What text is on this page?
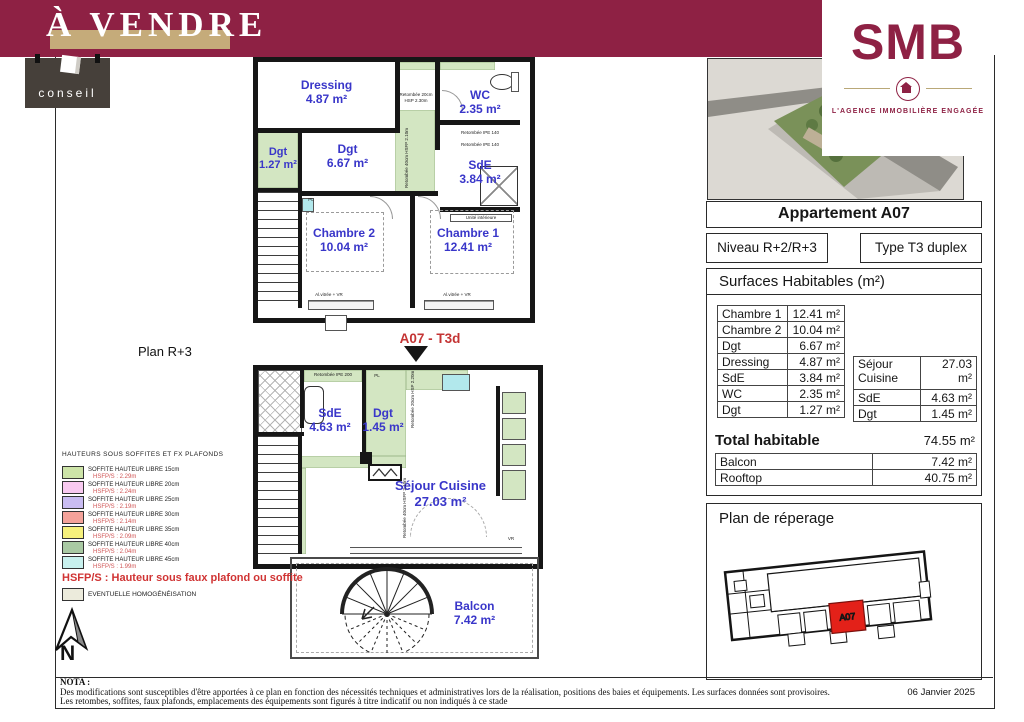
À VENDRE
conseil
Dressing
4.87 m²	WC
2.35 m²
Dgt
6.67 m²
Dgt
1.27 m²	SdE
3.84 m²
Chambre 2
10.04 m²
Chambre 1
12.41 m²
Retombée 20cm
HSP 2.30m
Retombée IPE 140
Retombée IPE 140
Retombée 40cm HSFP 2.10m
Unité intérieure
PL
Al.vitrée + VR	Al.vitrée + VR
A07 - T3d
Plan R+3
SdE
4.63 m²
Dgt
1.45 m²
Séjour Cuisine
27.03 m²
Retombée IPE 200	PL	Retombée 20cm HSP 2.20m
Retombée 40cm HSFP 2.10m
VR
Balcon
7.42 m²
HAUTEURS SOUS SOFFITES ET FX PLAFONDS
SOFFITE HAUTEUR LIBRE 15cm
HSFP/S : 2.29m
SOFFITE HAUTEUR LIBRE 20cm
HSFP/S : 2.24m
SOFFITE HAUTEUR LIBRE 25cm
HSFP/S : 2.19m
SOFFITE HAUTEUR LIBRE 30cm
HSFP/S : 2.14m
SOFFITE HAUTEUR LIBRE 35cm
HSFP/S : 2.09m
SOFFITE HAUTEUR LIBRE 40cm
HSFP/S : 2.04m
SOFFITE HAUTEUR LIBRE 45cm
HSFP/S : 1.99m
HSFP/S : Hauteur sous faux plafond ou soffite
EVENTUELLE HOMOGÉNÉISATION
N
SMB
L'AGENCE IMMOBILIÈRE ENGAGÉE
Appartement A07
Niveau R+2/R+3	Type T3 duplex
Surfaces Habitables (m²)
Chambre 1	12.41 m²
Chambre 2	10.04 m²
Dgt	6.67 m²
Dressing	4.87 m²
SdE	3.84 m²
WC	2.35 m²
Dgt	1.27 m²
Séjour Cuisine	27.03 m²
SdE	4.63 m²
Dgt	1.45 m²
Total habitable	74.55 m²
Balcon	7.42 m²
Rooftop	40.75 m²
Plan de réperage
A07
NOTA :
Des modifications sont susceptibles d'être apportées à ce plan en fonction des nécessités techniques et administratives lors de la réalisation, positions des baies et équipements. Les surfaces données sont provisoires.
Les retombes, soffites, faux plafonds, emplacements des équipements sont figurés à titre indicatif ou non indiqués à ce stade
06 Janvier 2025
